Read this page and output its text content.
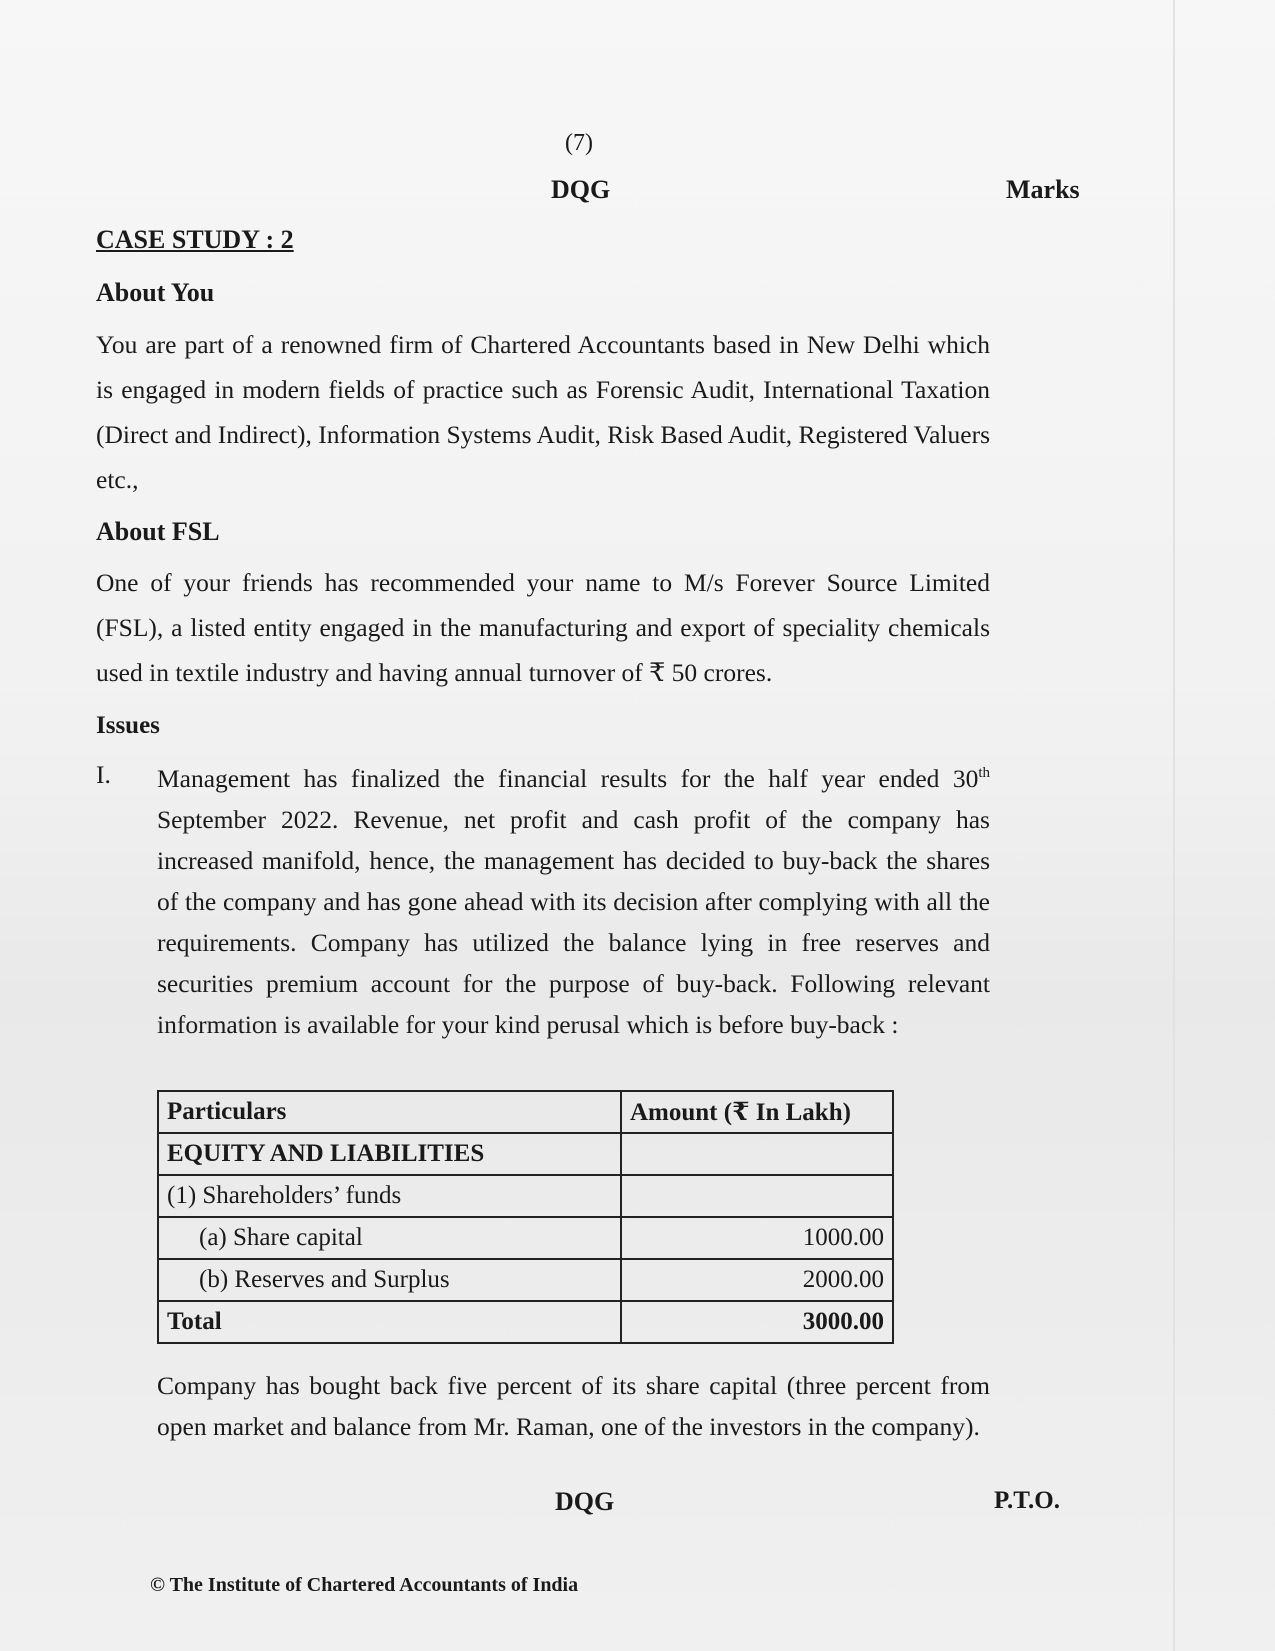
(7)
DQG	Marks
CASE STUDY : 2
About You
You are part of a renowned firm of Chartered Accountants based in New Delhi which is engaged in modern fields of practice such as Forensic Audit, International Taxation (Direct and Indirect), Information Systems Audit, Risk Based Audit, Registered Valuers etc.,
About FSL
One of your friends has recommended your name to M/s Forever Source Limited (FSL), a listed entity engaged in the manufacturing and export of speciality chemicals used in textile industry and having annual turnover of ₹ 50 crores.
Issues
I. Management has finalized the financial results for the half year ended 30th September 2022. Revenue, net profit and cash profit of the company has increased manifold, hence, the management has decided to buy-back the shares of the company and has gone ahead with its decision after complying with all the requirements. Company has utilized the balance lying in free reserves and securities premium account for the purpose of buy-back. Following relevant information is available for your kind perusal which is before buy-back :
Particulars	Amount (₹ In Lakh)
EQUITY AND LIABILITIES	
(1) Shareholders’ funds	
(a) Share capital	1000.00
(b) Reserves and Surplus	2000.00
Total	3000.00
Company has bought back five percent of its share capital (three percent from open market and balance from Mr. Raman, one of the investors in the company).
DQG	P.T.O.
© The Institute of Chartered Accountants of India
